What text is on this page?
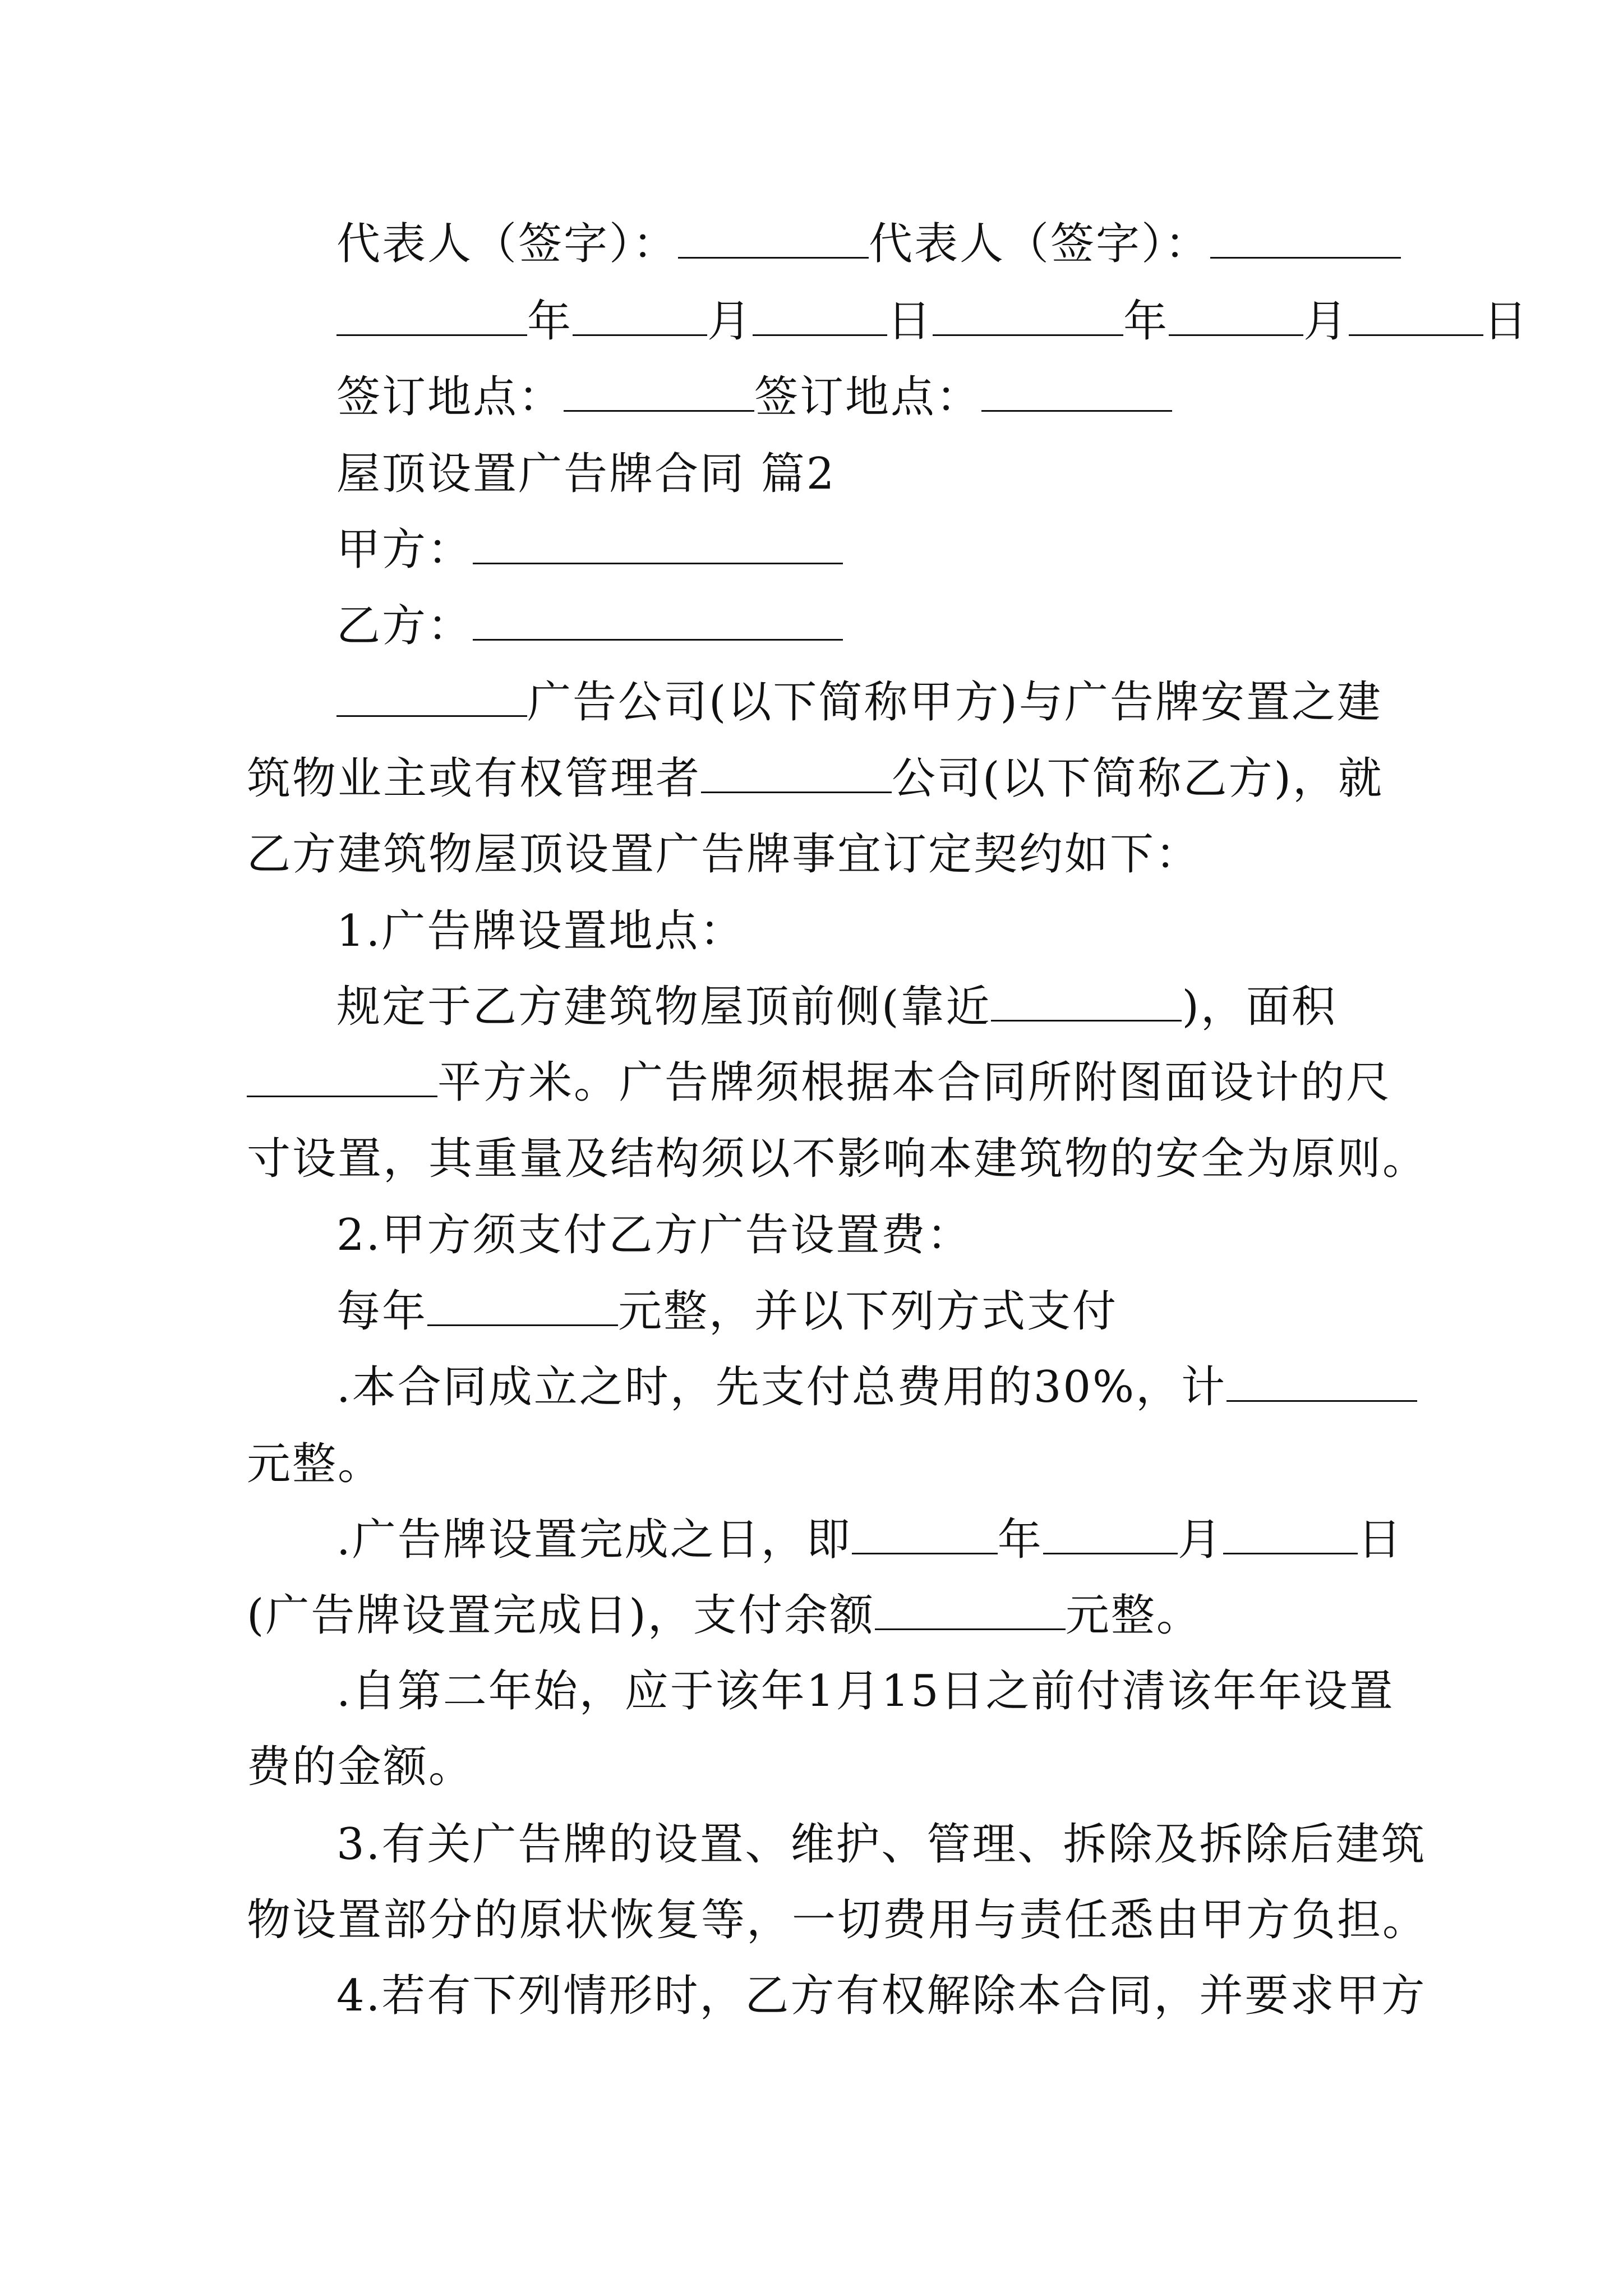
代表人（签字）：	代表人（签字）：
年	月	日	年	月	日
签订地点：	签订地点：
屋顶设置广告牌合同 篇2
甲方：
乙方：
广告公司(以下简称甲方)与广告牌安置之建
筑物业主或有权管理者	公司(以下简称乙方)，就
乙方建筑物屋顶设置广告牌事宜订定契约如下：
1.广告牌设置地点：
规定于乙方建筑物屋顶前侧(靠近	)，面积
平方米。广告牌须根据本合同所附图面设计的尺
寸设置，其重量及结构须以不影响本建筑物的安全为原则。
2.甲方须支付乙方广告设置费：
每年	元整，并以下列方式支付
.本合同成立之时，先支付总费用的30%，计
元整。
.广告牌设置完成之日，即	年	月	日
(广告牌设置完成日)，支付余额	元整。
.自第二年始，应于该年1月15日之前付清该年年设置
费的金额。
3.有关广告牌的设置、维护、管理、拆除及拆除后建筑
物设置部分的原状恢复等，一切费用与责任悉由甲方负担。
4.若有下列情形时，乙方有权解除本合同，并要求甲方
